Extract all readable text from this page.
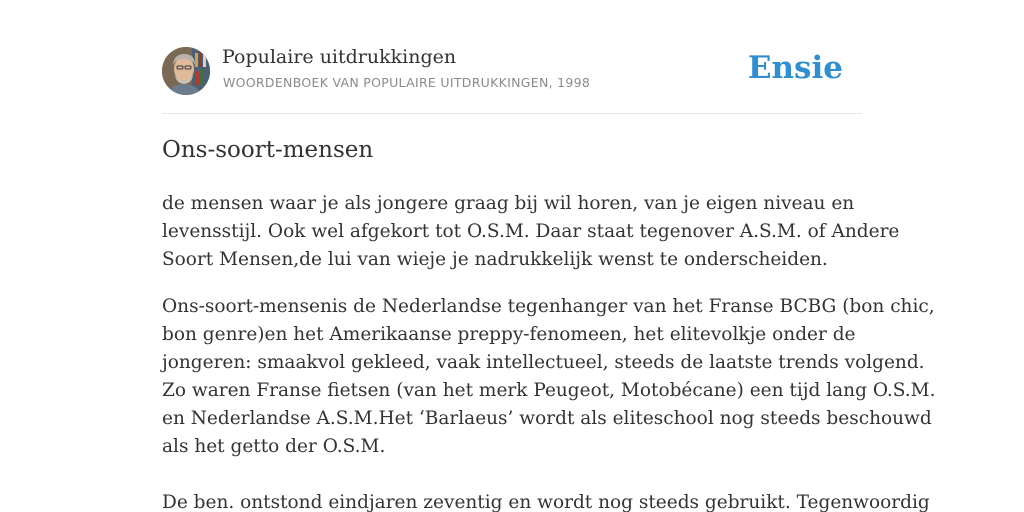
Populaire uitdrukkingen
WOORDENBOEK VAN POPULAIRE UITDRUKKINGEN, 1998	Ensie
Ons-soort-mensen

de mensen waar je als jongere graag bij wil horen, van je eigen niveau en
levensstijl. Ook wel afgekort tot O.S.M. Daar staat tegenover A.S.M. of Andere
Soort Mensen,de lui van wieje je nadrukkelijk wenst te onderscheiden.

Ons-soort-mensenis de Nederlandse tegenhanger van het Franse BCBG (bon chic,
bon genre)en het Amerikaanse preppy-fenomeen, het elitevolkje onder de
jongeren: smaakvol gekleed, vaak intellectueel, steeds de laatste trends volgend.
Zo waren Franse fietsen (van het merk Peugeot, Motobécane) een tijd lang O.S.M.
en Nederlandse A.S.M.Het ‘Barlaeus’ wordt als eliteschool nog steeds beschouwd
als het getto der O.S.M.

De ben. ontstond eindjaren zeventig en wordt nog steeds gebruikt. Tegenwoordig
